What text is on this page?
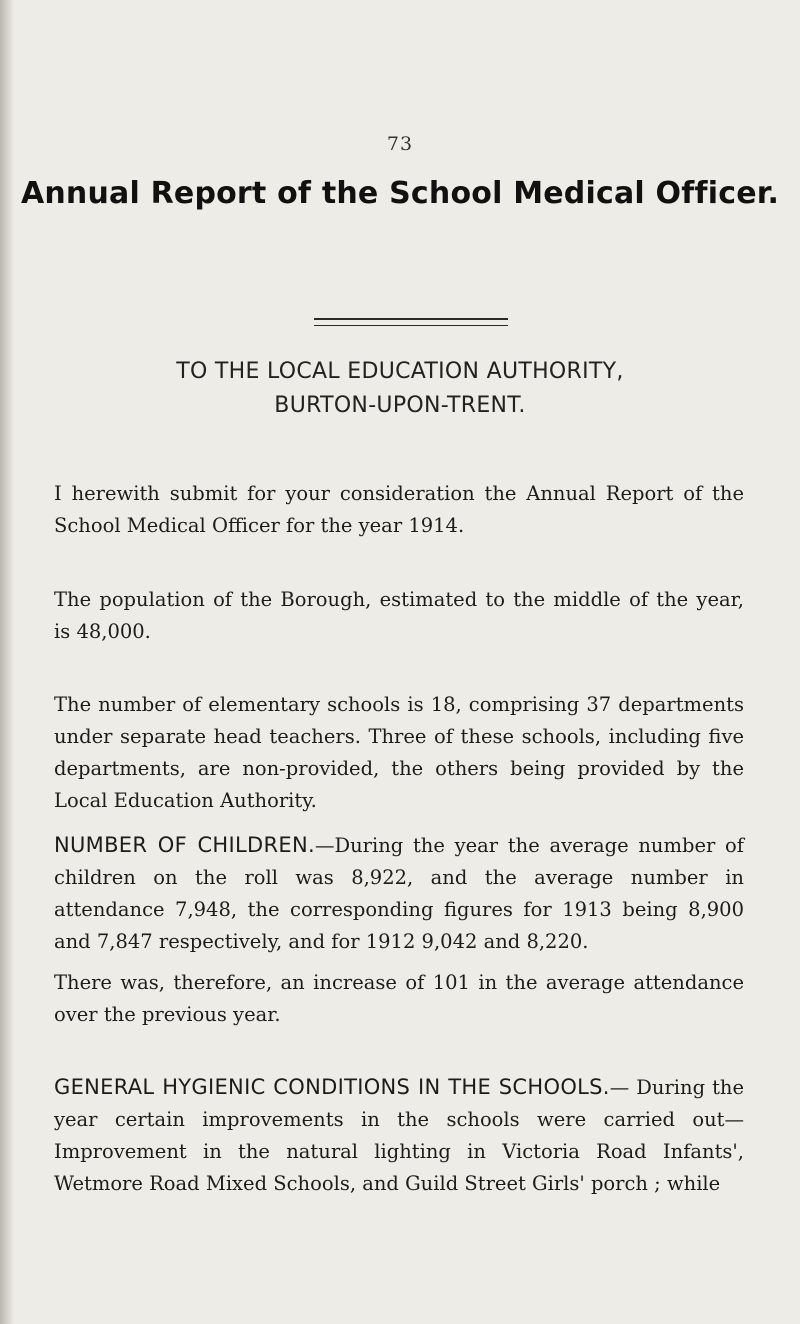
73
Annual Report of the School Medical Officer.
TO THE LOCAL EDUCATION AUTHORITY,
BURTON-UPON-TRENT.

I herewith submit for your consideration the Annual Report of the School Medical Officer for the year 1914.

The population of the Borough, estimated to the middle of the year, is 48,000.

The number of elementary schools is 18, comprising 37 departments under separate head teachers. Three of these schools, including five departments, are non-provided, the others being provided by the Local Education Authority.

NUMBER OF CHILDREN.—During the year the average number of children on the roll was 8,922, and the average number in attendance 7,948, the corresponding figures for 1913 being 8,900 and 7,847 respectively, and for 1912 9,042 and 8,220.

There was, therefore, an increase of 101 in the average attendance over the previous year.

GENERAL HYGIENIC CONDITIONS IN THE SCHOOLS.— During the year certain improvements in the schools were carried out—Improvement in the natural lighting in Victoria Road Infants', Wetmore Road Mixed Schools, and Guild Street Girls' porch ; while
